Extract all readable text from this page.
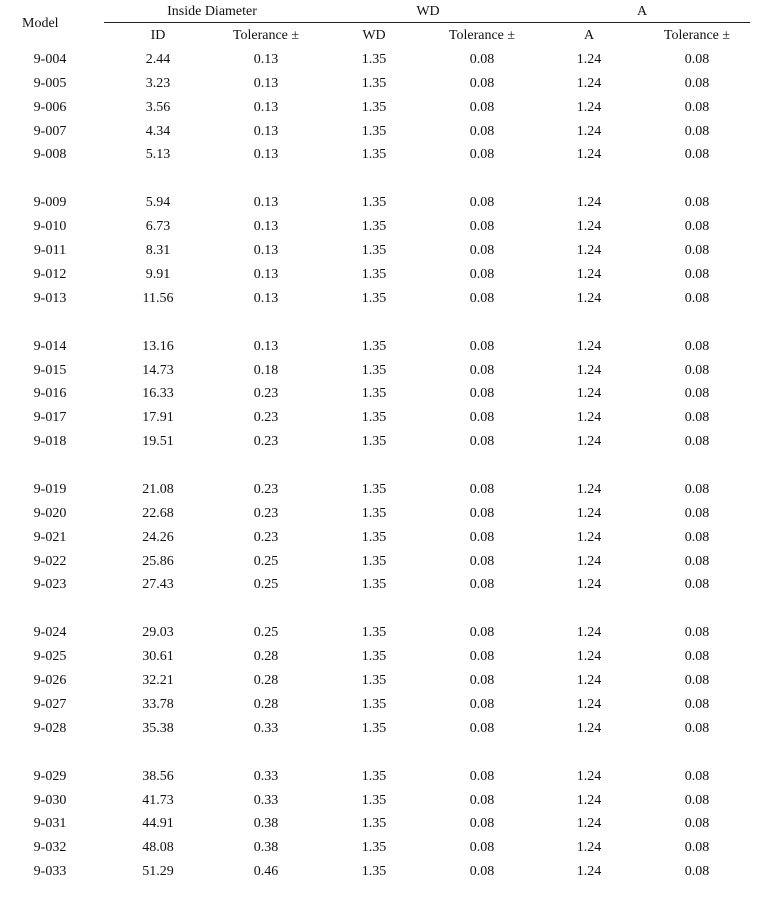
Model
Inside Diameter	WD	A
ID	Tolerance ±	WD	Tolerance ±	A	Tolerance ±
9-004	2.44	0.13	1.35	0.08	1.24	0.08
9-005	3.23	0.13	1.35	0.08	1.24	0.08
9-006	3.56	0.13	1.35	0.08	1.24	0.08
9-007	4.34	0.13	1.35	0.08	1.24	0.08
9-008	5.13	0.13	1.35	0.08	1.24	0.08
9-009	5.94	0.13	1.35	0.08	1.24	0.08
9-010	6.73	0.13	1.35	0.08	1.24	0.08
9-011	8.31	0.13	1.35	0.08	1.24	0.08
9-012	9.91	0.13	1.35	0.08	1.24	0.08
9-013	11.56	0.13	1.35	0.08	1.24	0.08
9-014	13.16	0.13	1.35	0.08	1.24	0.08
9-015	14.73	0.18	1.35	0.08	1.24	0.08
9-016	16.33	0.23	1.35	0.08	1.24	0.08
9-017	17.91	0.23	1.35	0.08	1.24	0.08
9-018	19.51	0.23	1.35	0.08	1.24	0.08
9-019	21.08	0.23	1.35	0.08	1.24	0.08
9-020	22.68	0.23	1.35	0.08	1.24	0.08
9-021	24.26	0.23	1.35	0.08	1.24	0.08
9-022	25.86	0.25	1.35	0.08	1.24	0.08
9-023	27.43	0.25	1.35	0.08	1.24	0.08
9-024	29.03	0.25	1.35	0.08	1.24	0.08
9-025	30.61	0.28	1.35	0.08	1.24	0.08
9-026	32.21	0.28	1.35	0.08	1.24	0.08
9-027	33.78	0.28	1.35	0.08	1.24	0.08
9-028	35.38	0.33	1.35	0.08	1.24	0.08
9-029	38.56	0.33	1.35	0.08	1.24	0.08
9-030	41.73	0.33	1.35	0.08	1.24	0.08
9-031	44.91	0.38	1.35	0.08	1.24	0.08
9-032	48.08	0.38	1.35	0.08	1.24	0.08
9-033	51.29	0.46	1.35	0.08	1.24	0.08
